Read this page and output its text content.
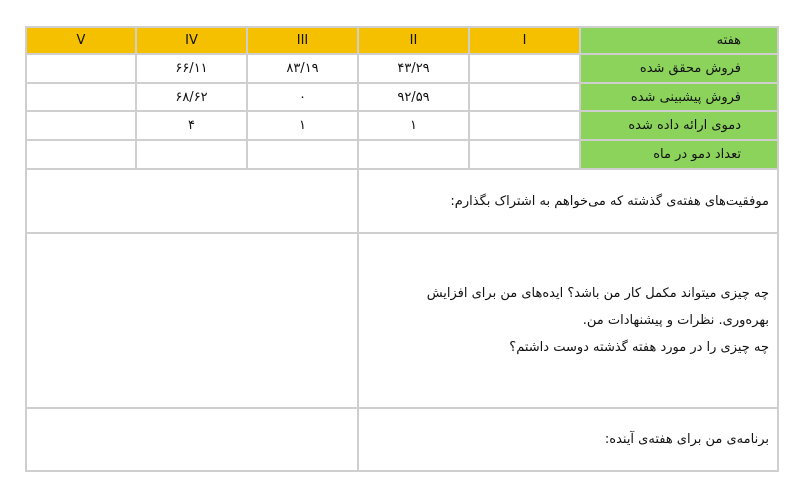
هفته	I	II	III	IV	V
فروش محقق شده		۴۳/۲۹	۸۳/۱۹	۶۶/۱۱	
فروش پیشبینی شده		۹۲/۵۹	۰	۶۸/۶۲	
دموی ارائه داده شده		۱	۱	۴	
تعداد دمو در ماه					
موفقیت‌های هفته‌ی گذشته که می‌خواهم به اشتراک بگذارم:					

چه چیزی میتواند مکمل کار من باشد؟ ایده‌های من برای افزایش
بهره‌وری. نظرات و پیشنهادات من.
چه چیزی را در مورد هفته گذشته دوست داشتم؟					

برنامه‌ی من برای هفته‌ی آینده:					
